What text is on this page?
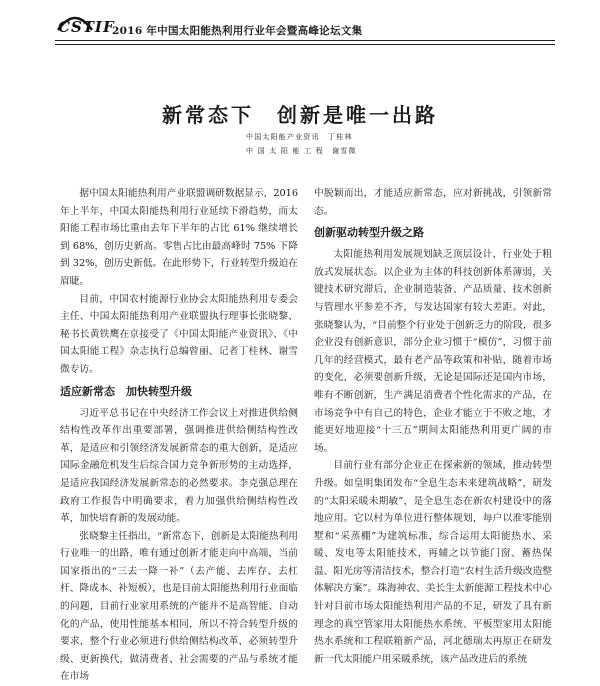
CSTIF
2016 年中国太阳能热利用行业年会暨高峰论坛文集
新常态下　创新是唯一出路
中国太阳能产业资讯　丁桂林
中 国 太 阳 能 工 程　谢雪微

据中国太阳能热利用产业联盟调研数据显示，2016 年上半年，中国太阳能热利用行业延续下滑趋势，而太阳能工程市场比重由去年下半年的占比 61% 继续增长到 68%，创历史新高。零售占比由最高峰时 75% 下降到 32%，创历史新低。在此形势下，行业转型升级迫在眉睫。

目前，中国农村能源行业协会太阳能热利用专委会主任、中国太阳能热利用产业联盟执行理事长张晓黎、秘书长黄铁鹰在京接受了《中国太阳能产业资讯》、《中国太阳能工程》杂志执行总编曾丽、记者丁桂林、谢雪微专访。

适应新常态　加快转型升级

习近平总书记在中央经济工作会议上对推进供给侧结构性改革作出重要部署，强调推进供给侧结构性改革，是适应和引领经济发展新常态的重大创新，是适应国际金融危机发生后综合国力竞争新形势的主动选择，是适应我国经济发展新常态的必然要求。李克强总理在政府工作报告中明确要求，着力加强供给侧结构性改革，加快培育新的发展动能。

张晓黎主任指出，“新常态下，创新是太阳能热利用行业唯一的出路，唯有通过创新才能走向中高端，当前国家指出的“三去一降一补”（去产能、去库存、去杠杆、降成本、补短板），也是目前太阳能热利用行业面临的问题，目前行业家用系统的产能并不是高智能、自动化的产品，使用性能基本相同，所以不符合转型升级的要求，整个行业必须进行供给侧结构改革，必须转型升级、更新换代，做清费者、社会需要的产品与系统才能在市场

中脱颖而出，才能适应新常态，应对新挑战，引领新常态。

创新驱动转型升级之路

太阳能热利用发展规划缺乏顶层设计，行业处于粗放式发展状态。以企业为主体的科技创新体系薄弱，关键技术研究滞后，企业制造装备、产品质量、技术创新与管理水平参差不齐，与发达国家有较大差距。对此，张晓黎认为，“目前整个行业处于创新乏力的阶段，很多企业没有创新意识，部分企业习惯于“模仿”，习惯于前几年的经营模式，最有老产品等政策和补贴，随着市场的变化，必须要创新升级，无论是国际还是国内市场，唯有不断创新，生产满足消费者个性化需求的产品，在市场竞争中有自己的特色，企业才能立于不败之地，才能更好地迎接“十三五”期间太阳能热利用更广阔的市场。

目前行业有部分企业正在探索新的领域，推动转型升级。如皇明集团发布“全息生态未来建筑战略”，研发的“太阳采暖未期敏”，是全息生态在新农村建设中的落地应用。它以村为单位进行整体规划，每户以准零能别墅和“采蒸棚”为建筑标准，综合运用太阳能热水、采暖、发电等太阳能技术，再辅之以节能门窗、蓄热保温、阳光房等清洁技术，整合打造“农村生活升级改造整体解决方案”。珠海神农、美长生太新能源工程技术中心针对目前市场太阳能热利用产品的不足，研发了具有新理念的真空管家用太阳能热水系统、平板型家用太阳能热水系统和工程联箱新产品，河北德瑞太再原正在研发新一代太阳能户用采暖系统，该产品改进后的系统
